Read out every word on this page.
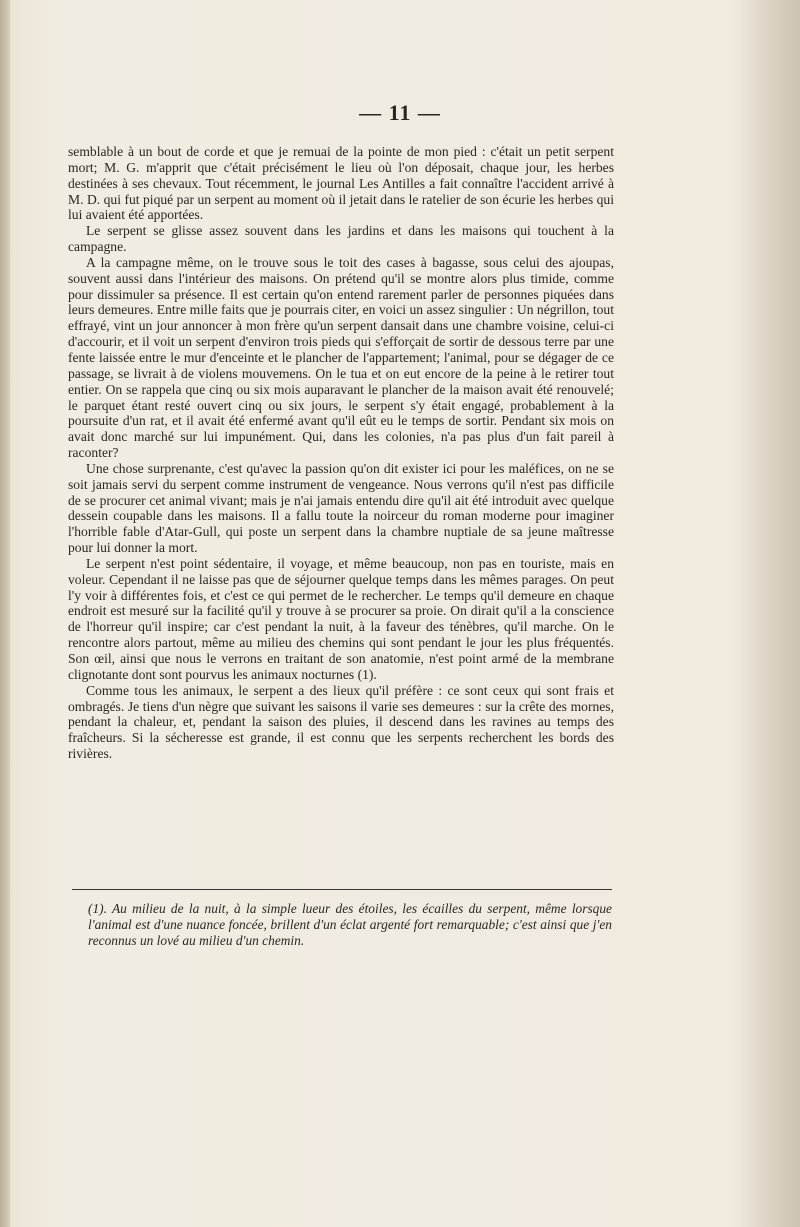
— 11 —

semblable à un bout de corde et que je remuai de la pointe de mon pied : c'était un petit serpent mort; M. G. m'apprit que c'était précisément le lieu où l'on déposait, chaque jour, les herbes destinées à ses chevaux. Tout récemment, le journal Les Antilles a fait connaître l'accident arrivé à M. D. qui fut piqué par un serpent au moment où il jetait dans le ratelier de son écurie les herbes qui lui avaient été apportées.

Le serpent se glisse assez souvent dans les jardins et dans les maisons qui touchent à la campagne.

A la campagne même, on le trouve sous le toit des cases à bagasse, sous celui des ajoupas, souvent aussi dans l'intérieur des maisons. On prétend qu'il se montre alors plus timide, comme pour dissimuler sa présence. Il est certain qu'on entend rarement parler de personnes piquées dans leurs demeures. Entre mille faits que je pourrais citer, en voici un assez singulier : Un négrillon, tout effrayé, vint un jour annoncer à mon frère qu'un serpent dansait dans une chambre voisine, celui-ci d'accourir, et il voit un serpent d'environ trois pieds qui s'efforçait de sortir de dessous terre par une fente laissée entre le mur d'enceinte et le plancher de l'appartement; l'animal, pour se dégager de ce passage, se livrait à de violens mouvemens. On le tua et on eut encore de la peine à le retirer tout entier. On se rappela que cinq ou six mois auparavant le plancher de la maison avait été renouvelé; le parquet étant resté ouvert cinq ou six jours, le serpent s'y était engagé, probablement à la poursuite d'un rat, et il avait été enfermé avant qu'il eût eu le temps de sortir. Pendant six mois on avait donc marché sur lui impunément. Qui, dans les colonies, n'a pas plus d'un fait pareil à raconter?

Une chose surprenante, c'est qu'avec la passion qu'on dit exister ici pour les maléfices, on ne se soit jamais servi du serpent comme instrument de vengeance. Nous verrons qu'il n'est pas difficile de se procurer cet animal vivant; mais je n'ai jamais entendu dire qu'il ait été introduit avec quelque dessein coupable dans les maisons. Il a fallu toute la noirceur du roman moderne pour imaginer l'horrible fable d'Atar-Gull, qui poste un serpent dans la chambre nuptiale de sa jeune maîtresse pour lui donner la mort.

Le serpent n'est point sédentaire, il voyage, et même beaucoup, non pas en touriste, mais en voleur. Cependant il ne laisse pas que de séjourner quelque temps dans les mêmes parages. On peut l'y voir à différentes fois, et c'est ce qui permet de le rechercher. Le temps qu'il demeure en chaque endroit est mesuré sur la facilité qu'il y trouve à se procurer sa proie. On dirait qu'il a la conscience de l'horreur qu'il inspire; car c'est pendant la nuit, à la faveur des ténèbres, qu'il marche. On le rencontre alors partout, même au milieu des chemins qui sont pendant le jour les plus fréquentés. Son œil, ainsi que nous le verrons en traitant de son anatomie, n'est point armé de la membrane clignotante dont sont pourvus les animaux nocturnes (1).

Comme tous les animaux, le serpent a des lieux qu'il préfère : ce sont ceux qui sont frais et ombragés. Je tiens d'un nègre que suivant les saisons il varie ses demeures : sur la crête des mornes, pendant la chaleur, et, pendant la saison des pluies, il descend dans les ravines au temps des fraîcheurs. Si la sécheresse est grande, il est connu que les serpents recherchent les bords des rivières.

(1). Au milieu de la nuit, à la simple lueur des étoiles, les écailles du serpent, même lorsque l'animal est d'une nuance foncée, brillent d'un éclat argenté fort remarquable; c'est ainsi que j'en reconnus un lové au milieu d'un chemin.
